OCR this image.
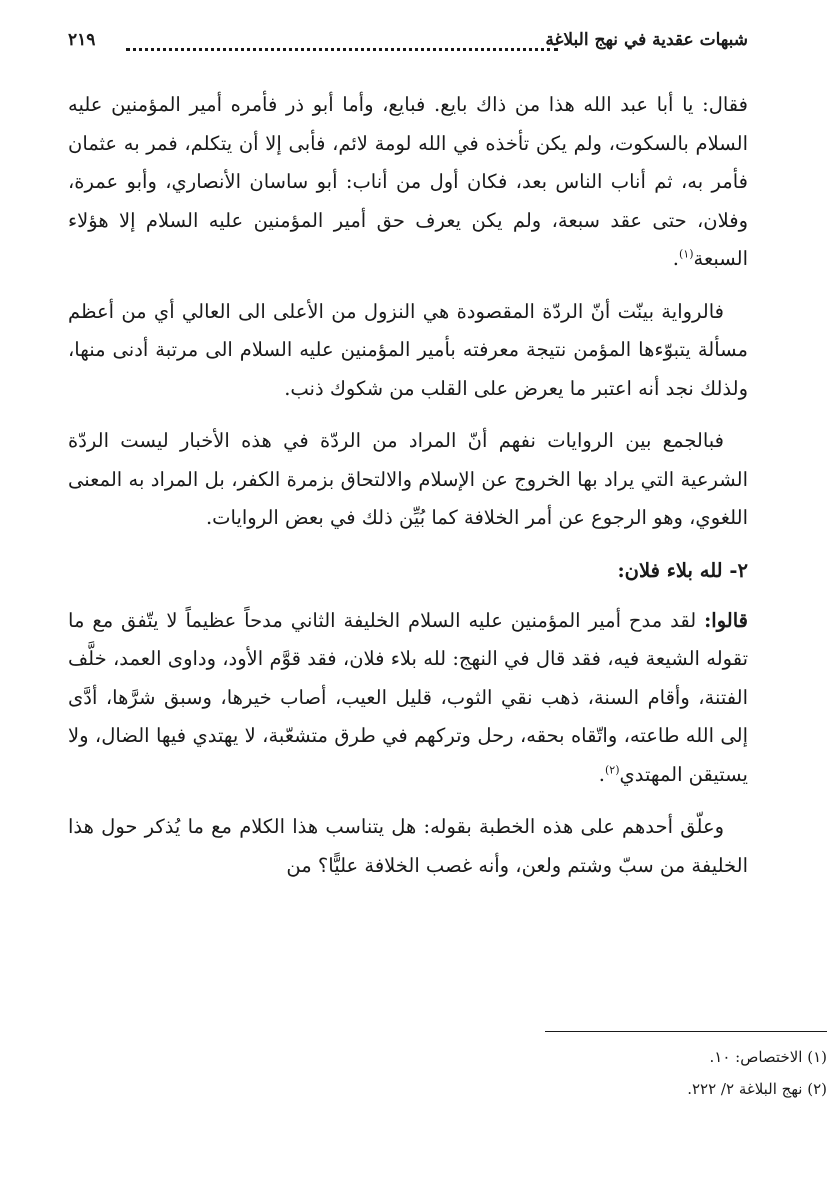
شبهات عقدية في نهج البلاغة
٢١٩

فقال: يا أبا عبد الله هذا من ذاك بايع. فبايع، وأما أبو ذر فأمره أمير المؤمنين عليه السلام بالسكوت، ولم يكن تأخذه في الله لومة لائم، فأبى إلا أن يتكلم، فمر به عثمان فأمر به، ثم أناب الناس بعد، فكان أول من أناب: أبو ساسان الأنصاري، وأبو عمرة، وفلان، حتى عقد سبعة، ولم يكن يعرف حق أمير المؤمنين عليه السلام إلا هؤلاء السبعة$^{(١)}$.

فالرواية بينّت أنّ الردّة المقصودة هي النزول من الأعلى الى العالي أي من أعظم مسألة يتبوّءها المؤمن نتيجة معرفته بأمير المؤمنين عليه السلام الى مرتبة أدنى منها، ولذلك نجد أنه اعتبر ما يعرض على القلب من شكوك ذنب.

فبالجمع بين الروايات نفهم أنّ المراد من الردّة في هذه الأخبار ليست الردّة الشرعية التي يراد بها الخروج عن الإسلام والالتحاق بزمرة الكفر، بل المراد به المعنى اللغوي، وهو الرجوع عن أمر الخلافة كما بُيِّن ذلك في بعض الروايات.

٢- لله بلاء فلان:

قالوا: لقد مدح أمير المؤمنين عليه السلام الخليفة الثاني مدحاً عظيماً لا يتّفق مع ما تقوله الشيعة فيه، فقد قال في النهج: لله بلاء فلان، فقد قوَّم الأود، وداوى العمد، خلَّف الفتنة، وأقام السنة، ذهب نقي الثوب، قليل العيب، أصاب خيرها، وسبق شرَّها، أدَّى إلى الله طاعته، واتّقاه بحقه، رحل وتركهم في طرق متشعّبة، لا يهتدي فيها الضال، ولا يستيقن المهتدي$^{(٢)}$.

وعلّق أحدهم على هذه الخطبة بقوله: هل يتناسب هذا الكلام مع ما يُذكر حول هذا الخليفة من سبّ وشتم ولعن، وأنه غصب الخلافة عليًّا؟ من

(١) الاختصاص: ١٠.

(٢) نهج البلاغة ٢/ ٢٢٢.
